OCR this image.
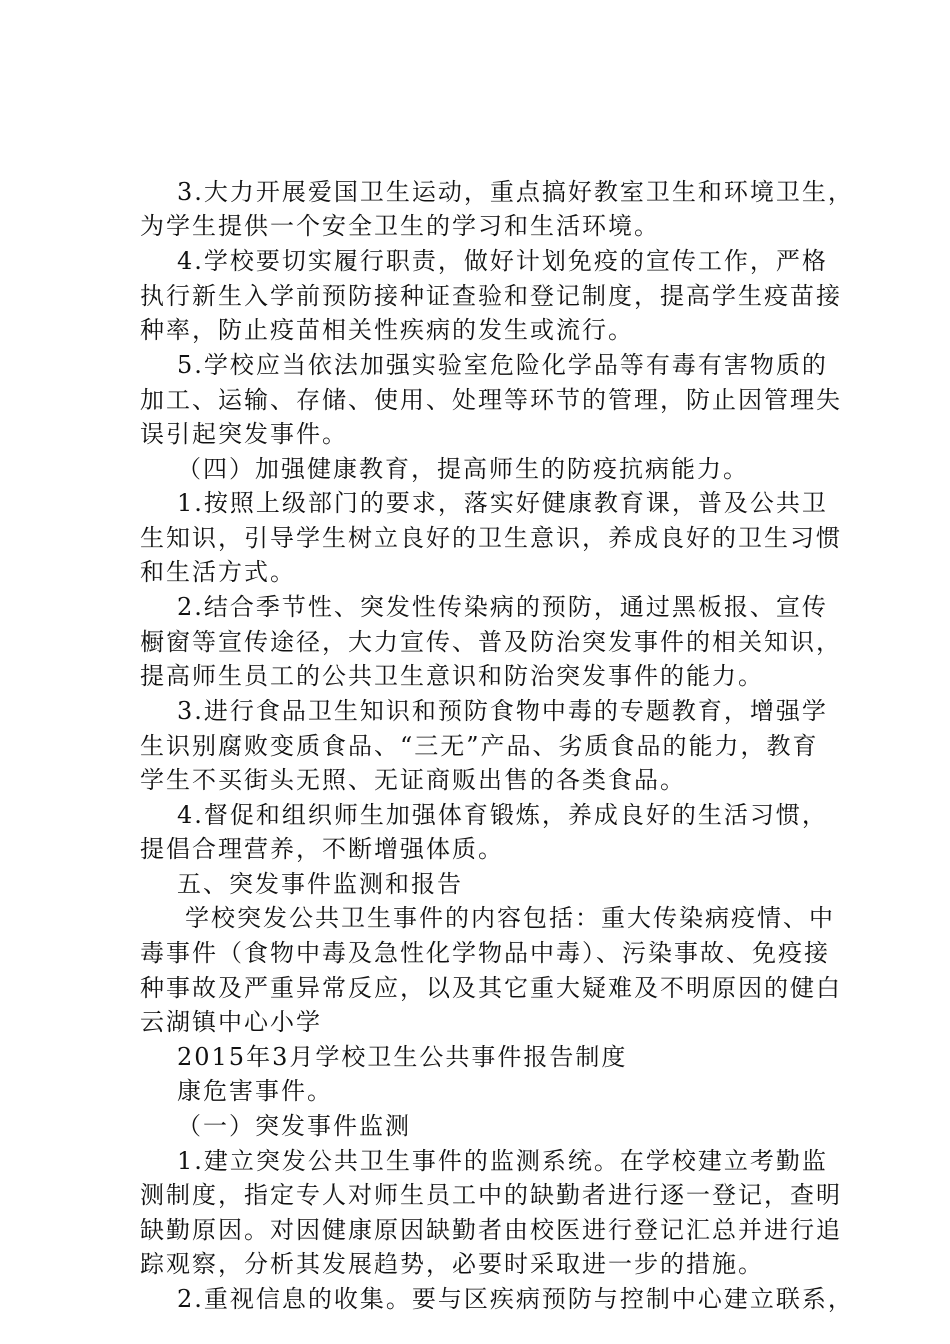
3.大力开展爱国卫生运动，重点搞好教室卫生和环境卫生，
为学生提供一个安全卫生的学习和生活环境。
4.学校要切实履行职责，做好计划免疫的宣传工作，严格
执行新生入学前预防接种证查验和登记制度，提高学生疫苗接
种率，防止疫苗相关性疾病的发生或流行。
5.学校应当依法加强实验室危险化学品等有毒有害物质的
加工、运输、存储、使用、处理等环节的管理，防止因管理失
误引起突发事件。
（四）加强健康教育，提高师生的防疫抗病能力。
1.按照上级部门的要求，落实好健康教育课，普及公共卫
生知识，引导学生树立良好的卫生意识，养成良好的卫生习惯
和生活方式。
2.结合季节性、突发性传染病的预防，通过黑板报、宣传
橱窗等宣传途径，大力宣传、普及防治突发事件的相关知识，
提高师生员工的公共卫生意识和防治突发事件的能力。
3.进行食品卫生知识和预防食物中毒的专题教育，增强学
生识别腐败变质食品、“三无”产品、劣质食品的能力，教育
学生不买街头无照、无证商贩出售的各类食品。
4.督促和组织师生加强体育锻炼，养成良好的生活习惯，
提倡合理营养，不断增强体质。
五、突发事件监测和报告
学校突发公共卫生事件的内容包括：重大传染病疫情、中
毒事件（食物中毒及急性化学物品中毒）、污染事故、免疫接
种事故及严重异常反应，以及其它重大疑难及不明原因的健白
云湖镇中心小学
2015年3月学校卫生公共事件报告制度
康危害事件。
（一）突发事件监测
1.建立突发公共卫生事件的监测系统。在学校建立考勤监
测制度，指定专人对师生员工中的缺勤者进行逐一登记，查明
缺勤原因。对因健康原因缺勤者由校医进行登记汇总并进行追
踪观察，分析其发展趋势，必要时采取进一步的措施。
2.重视信息的收集。要与区疾病预防与控制中心建立联系，
